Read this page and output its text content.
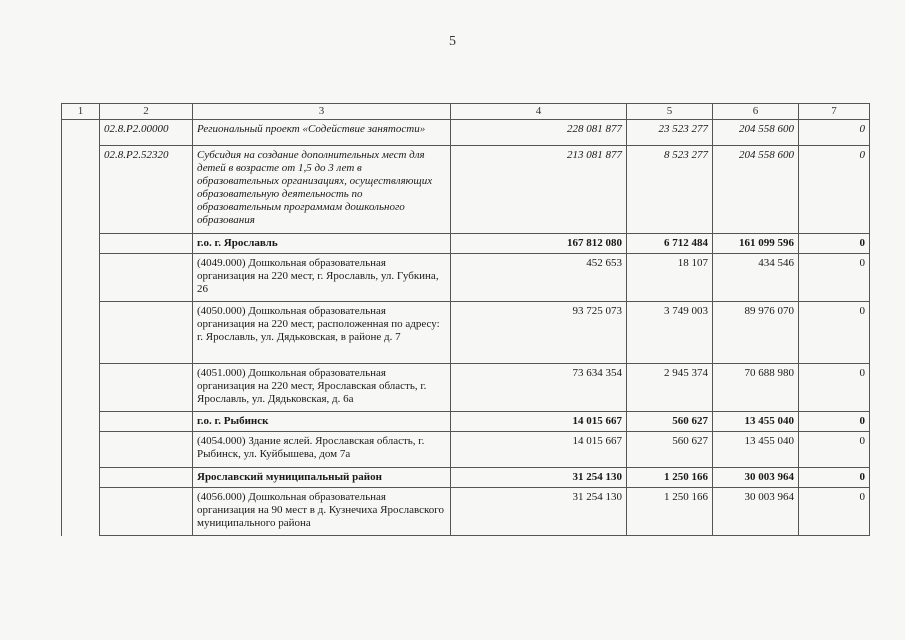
5
1	2	3	4	5	6	7
	02.8.P2.00000	Региональный проект «Содействие занятости»	228 081 877	23 523 277	204 558 600	0
	02.8.P2.52320	Субсидия на создание дополнительных мест для детей в возрасте от 1,5 до 3 лет в образовательных организациях, осуществляющих образовательную деятельность по образовательным программам дошкольного образования	213 081 877	8 523 277	204 558 600	0
		г.о. г. Ярославль	167 812 080	6 712 484	161 099 596	0
		(4049.000) Дошкольная образовательная организация на 220 мест, г. Ярославль, ул. Губкина, 26	452 653	18 107	434 546	0
		(4050.000) Дошкольная образовательная организация на 220 мест, расположенная по адресу: г. Ярославль, ул. Дядьковская, в районе д. 7	93 725 073	3 749 003	89 976 070	0
		(4051.000) Дошкольная образовательная организация на 220 мест, Ярославская область, г. Ярославль, ул. Дядьковская, д. 6а	73 634 354	2 945 374	70 688 980	0
		г.о. г. Рыбинск	14 015 667	560 627	13 455 040	0
		(4054.000) Здание яслей. Ярославская область, г. Рыбинск, ул. Куйбышева, дом 7а	14 015 667	560 627	13 455 040	0
		Ярославский муниципальный район	31 254 130	1 250 166	30 003 964	0
		(4056.000) Дошкольная образовательная организация на 90 мест в д. Кузнечиха Ярославского муниципального района	31 254 130	1 250 166	30 003 964	0
